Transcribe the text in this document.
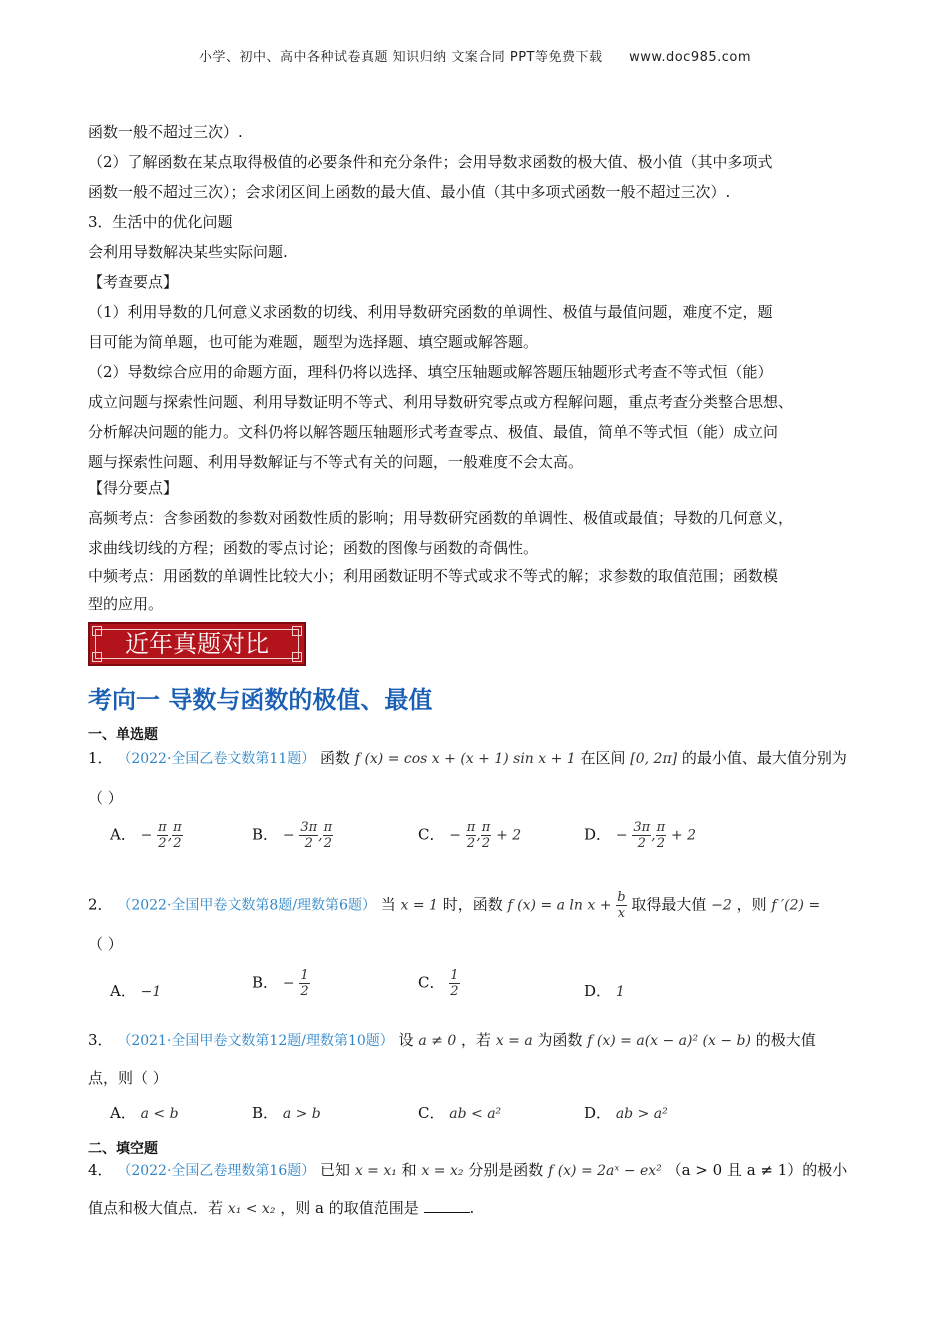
小学、初中、高中各种试卷真题 知识归纳 文案合同 PPT等免费下载 www.doc985.com
函数一般不超过三次）.
（2）了解函数在某点取得极值的必要条件和充分条件；会用导数求函数的极大值、极小值（其中多项式
函数一般不超过三次）；会求闭区间上函数的最大值、最小值（其中多项式函数一般不超过三次）.
3．生活中的优化问题
会利用导数解决某些实际问题.
【考查要点】
（1）利用导数的几何意义求函数的切线、利用导数研究函数的单调性、极值与最值问题，难度不定，题
目可能为简单题，也可能为难题，题型为选择题、填空题或解答题。
（2）导数综合应用的命题方面，理科仍将以选择、填空压轴题或解答题压轴题形式考查不等式恒（能）
成立问题与探索性问题、利用导数证明不等式、利用导数研究零点或方程解问题，重点考查分类整合思想、
分析解决问题的能力。文科仍将以解答题压轴题形式考查零点、极值、最值，简单不等式恒（能）成立问
题与探索性问题、利用导数解证与不等式有关的问题，一般难度不会太高。
【得分要点】
高频考点：含参函数的参数对函数性质的影响；用导数研究函数的单调性、极值或最值；导数的几何意义，
求曲线切线的方程；函数的零点讨论；函数的图像与函数的奇偶性。
中频考点：用函数的单调性比较大小；利用函数证明不等式或求不等式的解；求参数的取值范围；函数模
型的应用。
近年真题对比
考向一 导数与函数的极值、最值
一、单选题
1． （2022·全国乙卷文数第11题） 函数 f (x) = cos x + (x + 1) sin x + 1 在区间 [0, 2π] 的最小值、最大值分别为
（ ）
A． − $\frac{\pi}{2}$ , $\frac{\pi}{2}$	B． − $\frac{3\pi}{2}$ , $\frac{\pi}{2}$	C． − $\frac{\pi}{2}$ , $\frac{\pi}{2} + 2$	D． − $\frac{3\pi}{2}$ , $\frac{\pi}{2} + 2$
2． （2022·全国甲卷文数第8题/理数第6题） 当 x = 1 时，函数 f (x) = a $\ln x + \frac{b}{x}$ 取得最大值 −2 ，则 f ′(2) =
（ ）
A． −1
B． − $\frac{1}{2}$	C． $\frac{1}{2}$	D． 1
3． （2021·全国甲卷文数第12题/理数第10题） 设 a ≠ 0 ，若 x = a 为函数 f (x) = a(x − a)² (x − b) 的极大值
点，则（ ）
A． a < b	B． a > b	C． ab < a²	D． ab > a²
二、填空题
4． （2022·全国乙卷理数第16题） 已知 x = x₁ 和 x = x₂ 分别是函数 f (x) = 2aˣ − ex² （a > 0 且 a ≠ 1）的极小
值点和极大值点．若 x₁ < x₂ ，则 a 的取值范围是	.
